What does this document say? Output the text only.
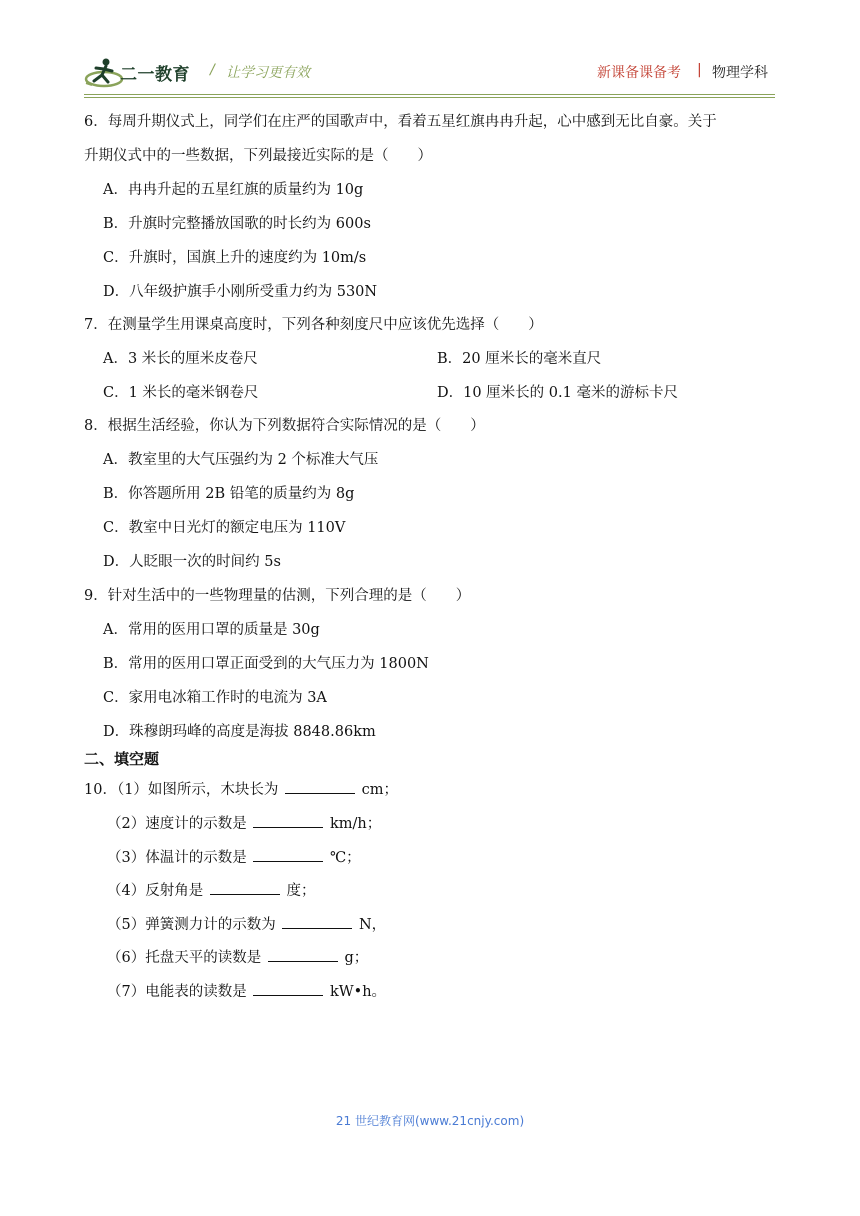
二一教育 / 让学习更有效	新课备课备考 | 物理学科
6．每周升期仪式上，同学们在庄严的国歌声中，看着五星红旗冉冉升起，心中感到无比自豪。关于
升期仪式中的一些数据，下列最接近实际的是（　　）
A．冉冉升起的五星红旗的质量约为 10g
B．升旗时完整播放国歌的时长约为 600s
C．升旗时，国旗上升的速度约为 10m/s
D．八年级护旗手小刚所受重力约为 530N
7．在测量学生用课桌高度时，下列各种刻度尺中应该优先选择（　　）
A．3 米长的厘米皮卷尺	B．20 厘米长的毫米直尺
C．1 米长的毫米钢卷尺	D．10 厘米长的 0.1 毫米的游标卡尺
8．根据生活经验，你认为下列数据符合实际情况的是（　　）
A．教室里的大气压强约为 2 个标准大气压
B．你答题所用 2B 铅笔的质量约为 8g
C．教室中日光灯的额定电压为 110V
D．人眨眼一次的时间约 5s
9．针对生活中的一些物理量的估测，下列合理的是（　　）
A．常用的医用口罩的质量是 30g
B．常用的医用口罩正面受到的大气压力为 1800N
C．家用电冰箱工作时的电流为 3A
D．珠穆朗玛峰的高度是海拔 8848.86km
二、填空题
10．（1）如图所示，木块长为	cm；
（2）速度计的示数是	km/h；
（3）体温计的示数是	℃；
（4）反射角是	度；
（5）弹簧测力计的示数为	N，
（6）托盘天平的读数是	g；
（7）电能表的读数是	kW•h。
21 世纪教育网(www.21cnjy.com)
